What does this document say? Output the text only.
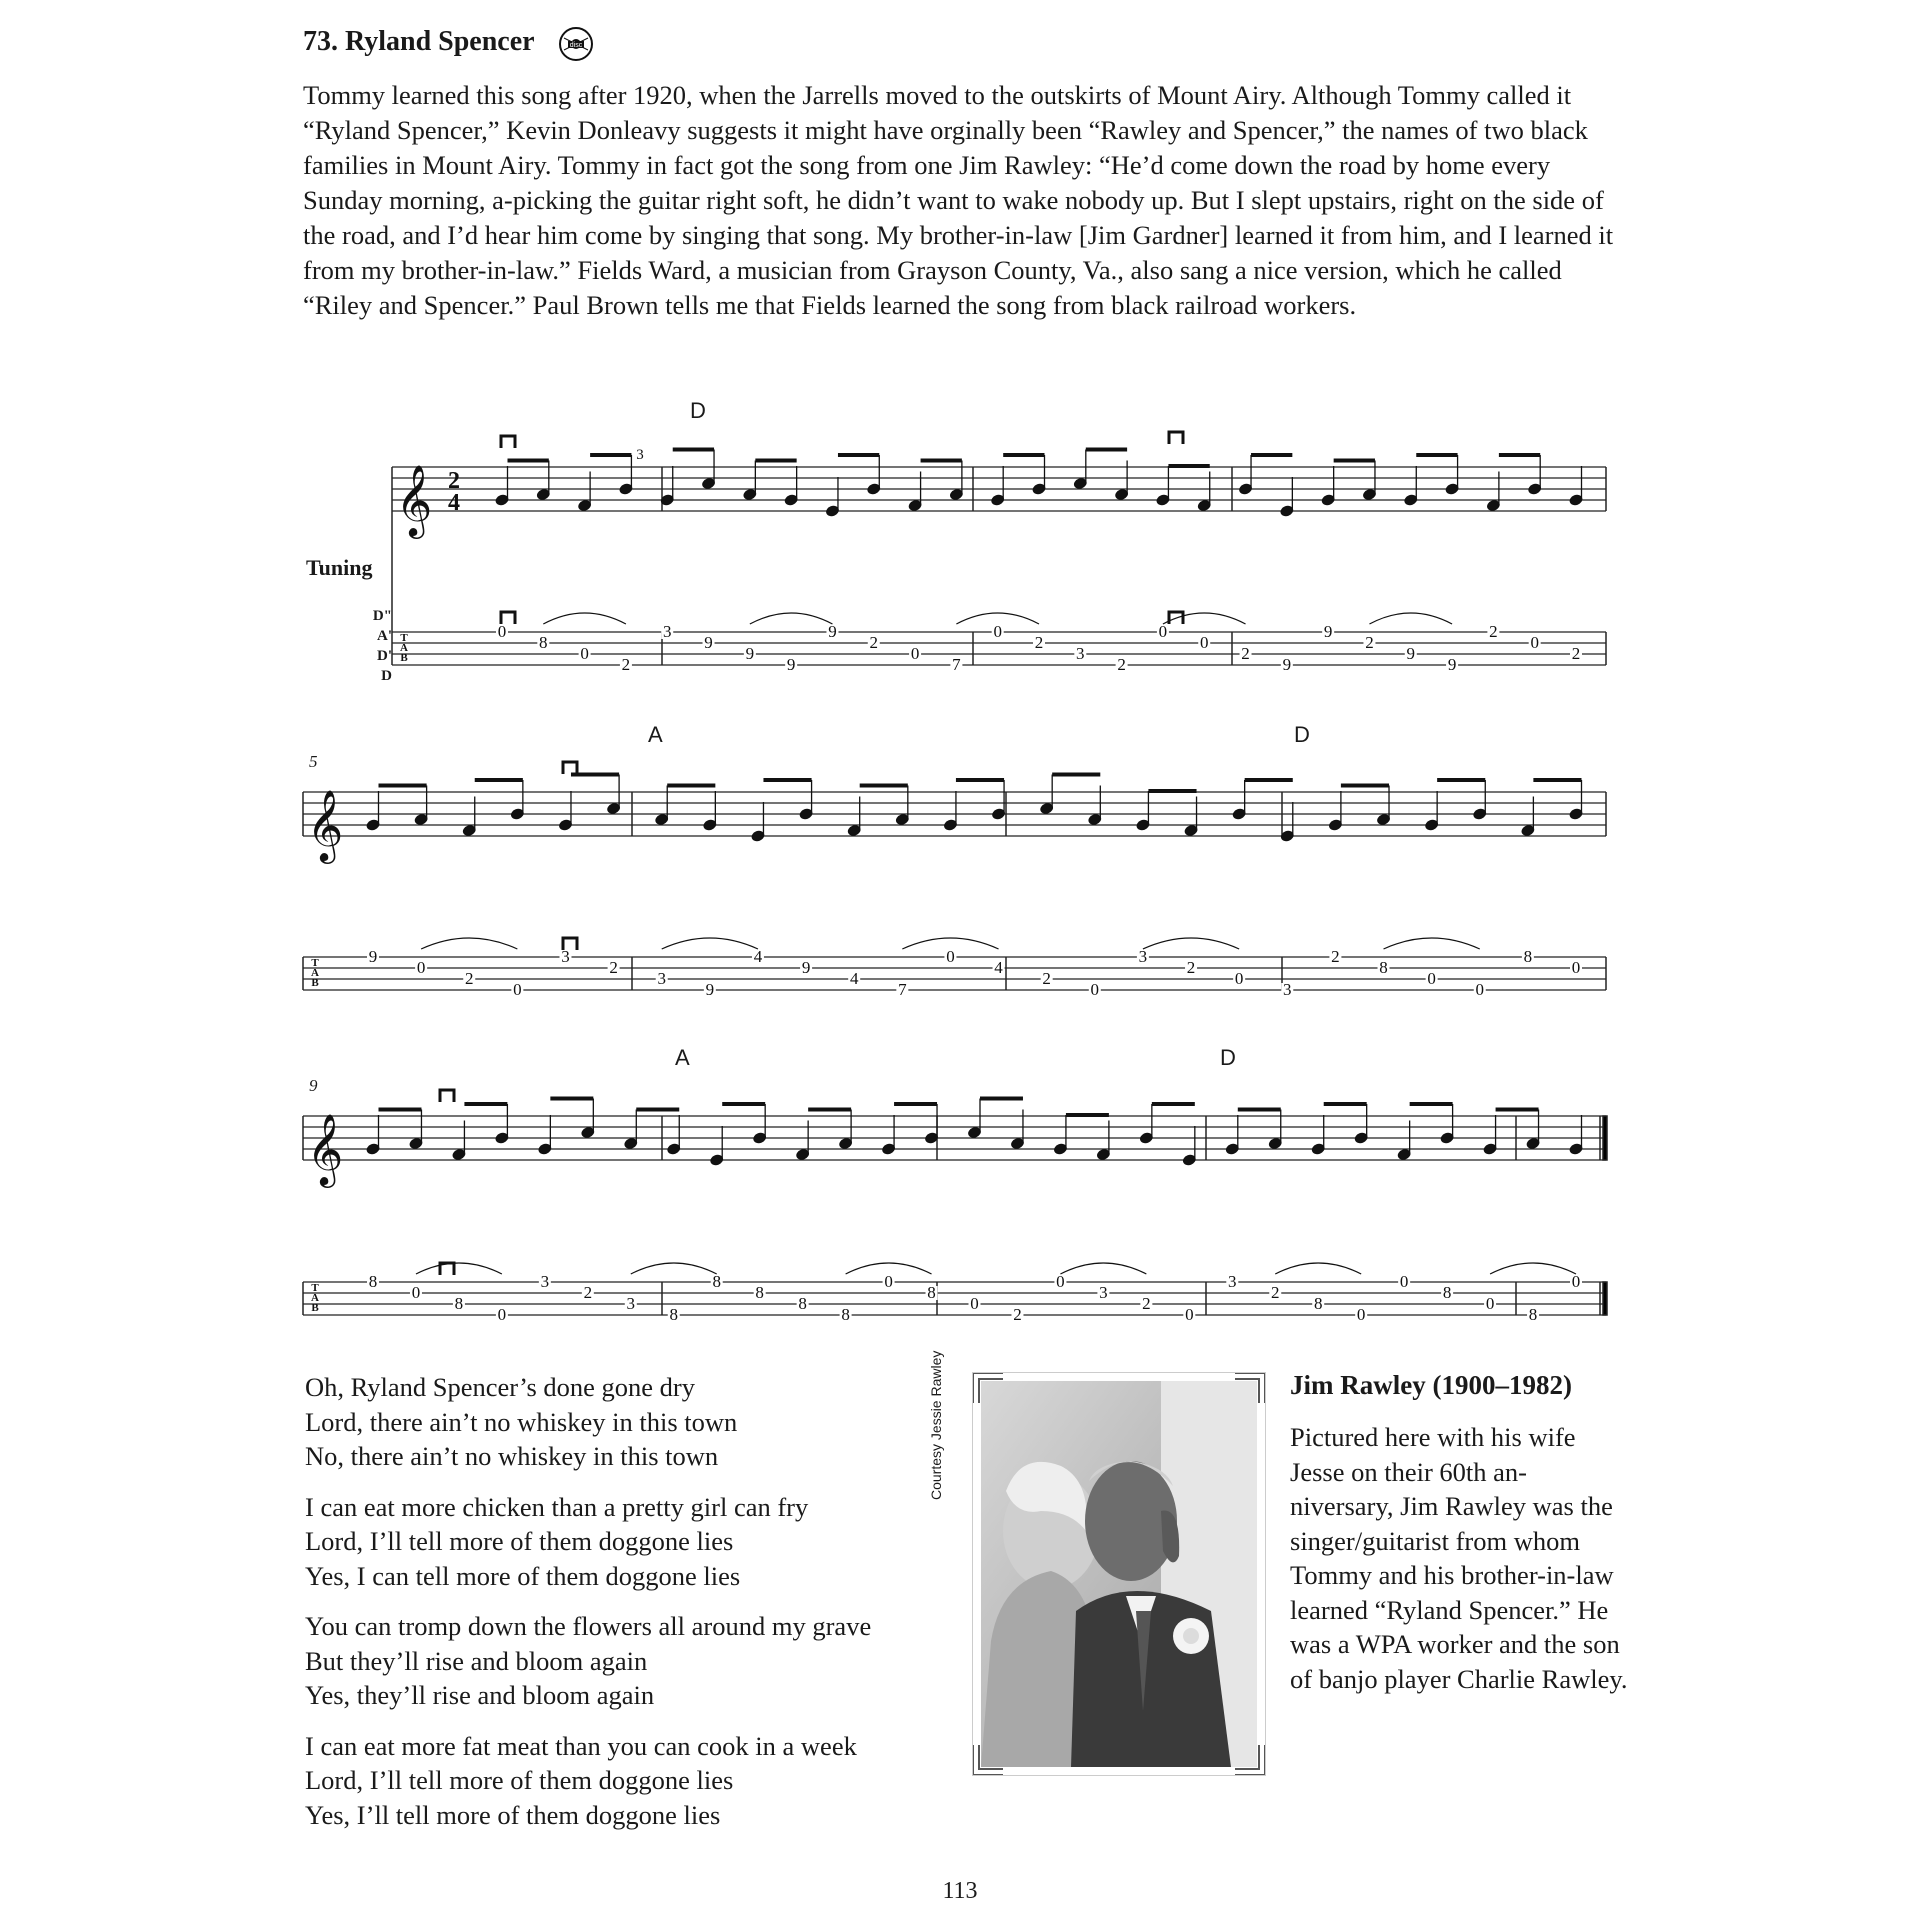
73. Ryland Spencer	disc

Tommy learned this song after 1920, when the Jarrells moved to the outskirts of Mount Airy. Although Tommy called it “Ryland Spencer,” Kevin Donleavy suggests it might have orginally been “Rawley and Spencer,” the names of two black families in Mount Airy. Tommy in fact got the song from one Jim Rawley: “He’d come down the road by home every Sunday morning, a-picking the guitar right soft, he didn’t want to wake nobody up. But I slept upstairs, right on the side of the road, and I’d hear him come by singing that song. My brother-in-law [Jim Gardner] learned it from him, and I learned it from my brother-in-law.” Fields Ward, a musician from Grayson County, Va., also sang a nice version, which he called “Riley and Spencer.” Paul Brown tells me that Fields learned the song from black railroad workers.

D
A	D
A	D
5
9
Tuning
D"
A'
D'
D
𝄞
T
A
B
2
4
𝄞
T
A
B
𝄞
T
A
B
0
8
0
2
3
9
9
9
9
2
0
7
0
2
3
2
0
0
2
9
9
2
9
9
2
0
2
9
0
2
0
3
2
3
9
4
9
4
7
0
4
2
0
3
2
0
3
2
8
0
0
8
0
8
0
8
0
3
2
3
8
8
8
8
8
0
8
0
2
0
3
2
0
3
2
8
0
0
8
0
8
0
3
Oh, Ryland Spencer’s done gone dry
Lord, there ain’t no whiskey in this town
No, there ain’t no whiskey in this town
I can eat more chicken than a pretty girl can fry
Lord, I’ll tell more of them doggone lies
Yes, I can tell more of them doggone lies
You can tromp down the flowers all around my grave
But they’ll rise and bloom again
Yes, they’ll rise and bloom again
I can eat more fat meat than you can cook in a week
Lord, I’ll tell more of them doggone lies
Yes, I’ll tell more of them doggone lies
Courtesy Jessie Rawley	Jim Rawley (1900–1982)

Pictured here with his wife Jesse on their 60th an-niversary, Jim Rawley was the singer/guitarist from whom Tommy and his brother-in-law learned “Ryland Spencer.” He was a WPA worker and the son of banjo player Charlie Rawley.

113
